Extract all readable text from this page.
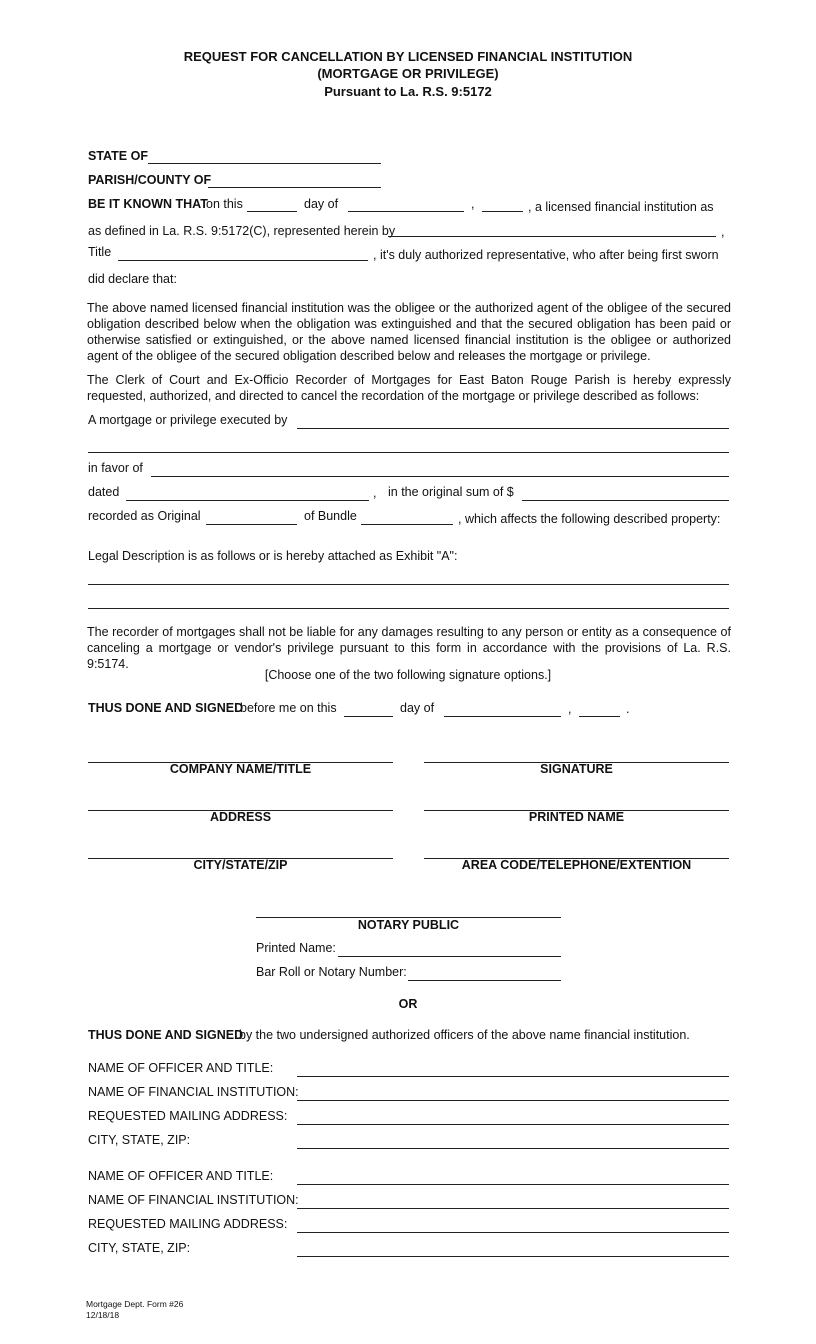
REQUEST FOR CANCELLATION BY LICENSED FINANCIAL INSTITUTION
(MORTGAGE OR PRIVILEGE)
Pursuant to La. R.S. 9:5172
STATE OF
PARISH/COUNTY OF
BE IT KNOWN THAT
on this	day of	,	, a licensed financial institution as
as defined in La. R.S. 9:5172(C), represented herein by	,
Title	, it's duly authorized representative, who after being first sworn
did declare that:
The above named licensed financial institution was the obligee or the authorized agent of the obligee of the secured obligation described below when the obligation was extinguished and that the secured obligation has been paid or otherwise satisfied or extinguished, or the above named licensed financial institution is the obligee or authorized agent of the obligee of the secured obligation described below and releases the mortgage or privilege.
The Clerk of Court and Ex-Officio Recorder of Mortgages for East Baton Rouge Parish is hereby expressly requested, authorized, and directed to cancel the recordation of the mortgage or privilege described as follows:
A mortgage or privilege executed by
in favor of
dated	, in the original sum of $
recorded as Original	of Bundle	, which affects the following described property:
Legal Description is as follows or is hereby attached as Exhibit "A":
The recorder of mortgages shall not be liable for any damages resulting to any person or entity as a consequence of canceling a mortgage or vendor's privilege pursuant to this form in accordance with the provisions of La. R.S. 9:5174.
[Choose one of the two following signature options.]
THUS DONE AND SIGNED
before me on this	day of	,	.
COMPANY NAME/TITLE	SIGNATURE
ADDRESS	PRINTED NAME
CITY/STATE/ZIP	AREA CODE/TELEPHONE/EXTENTION
NOTARY PUBLIC
Printed Name:
Bar Roll or Notary Number:
OR
THUS DONE AND SIGNED
by the two undersigned authorized officers of the above name financial institution.
NAME OF OFFICER AND TITLE:
NAME OF FINANCIAL INSTITUTION:
REQUESTED MAILING ADDRESS:
CITY, STATE, ZIP:
NAME OF OFFICER AND TITLE:
NAME OF FINANCIAL INSTITUTION:
REQUESTED MAILING ADDRESS:
CITY, STATE, ZIP:
Mortgage Dept. Form #26
12/18/18
